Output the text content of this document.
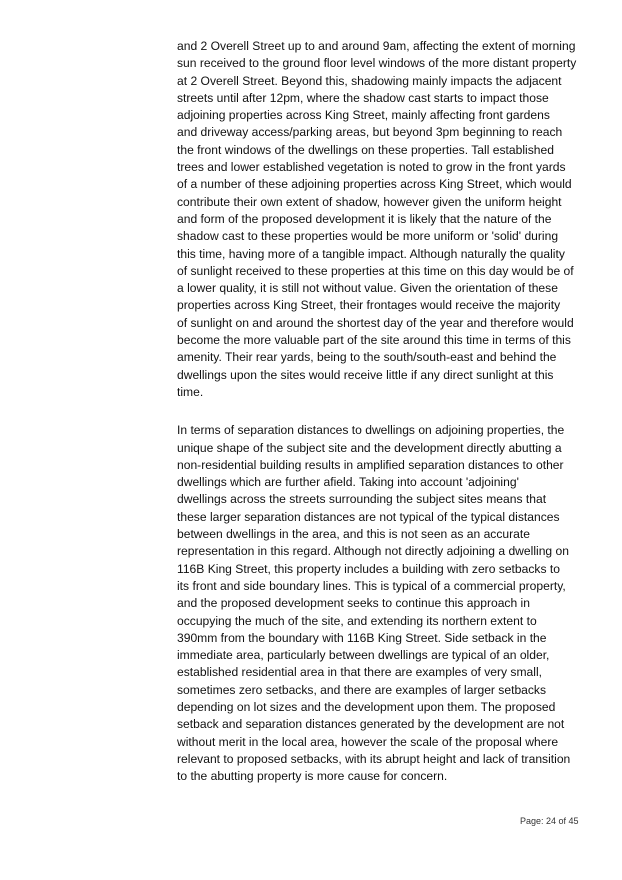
and 2 Overell Street up to and around 9am, affecting the extent of morning
sun received to the ground floor level windows of the more distant property
at 2 Overell Street. Beyond this, shadowing mainly impacts the adjacent
streets until after 12pm, where the shadow cast starts to impact those
adjoining properties across King Street, mainly affecting front gardens
and driveway access/parking areas, but beyond 3pm beginning to reach
the front windows of the dwellings on these properties. Tall established
trees and lower established vegetation is noted to grow in the front yards
of a number of these adjoining properties across King Street, which would
contribute their own extent of shadow, however given the uniform height
and form of the proposed development it is likely that the nature of the
shadow cast to these properties would be more uniform or 'solid' during
this time, having more of a tangible impact. Although naturally the quality
of sunlight received to these properties at this time on this day would be of
a lower quality, it is still not without value. Given the orientation of these
properties across King Street, their frontages would receive the majority
of sunlight on and around the shortest day of the year and therefore would
become the more valuable part of the site around this time in terms of this
amenity. Their rear yards, being to the south/south-east and behind the
dwellings upon the sites would receive little if any direct sunlight at this
time.

In terms of separation distances to dwellings on adjoining properties, the
unique shape of the subject site and the development directly abutting a
non-residential building results in amplified separation distances to other
dwellings which are further afield. Taking into account 'adjoining'
dwellings across the streets surrounding the subject sites means that
these larger separation distances are not typical of the typical distances
between dwellings in the area, and this is not seen as an accurate
representation in this regard. Although not directly adjoining a dwelling on
116B King Street, this property includes a building with zero setbacks to
its front and side boundary lines. This is typical of a commercial property,
and the proposed development seeks to continue this approach in
occupying the much of the site, and extending its northern extent to
390mm from the boundary with 116B King Street. Side setback in the
immediate area, particularly between dwellings are typical of an older,
established residential area in that there are examples of very small,
sometimes zero setbacks, and there are examples of larger setbacks
depending on lot sizes and the development upon them. The proposed
setback and separation distances generated by the development are not
without merit in the local area, however the scale of the proposal where
relevant to proposed setbacks, with its abrupt height and lack of transition
to the abutting property is more cause for concern.

Page: 24 of 45
